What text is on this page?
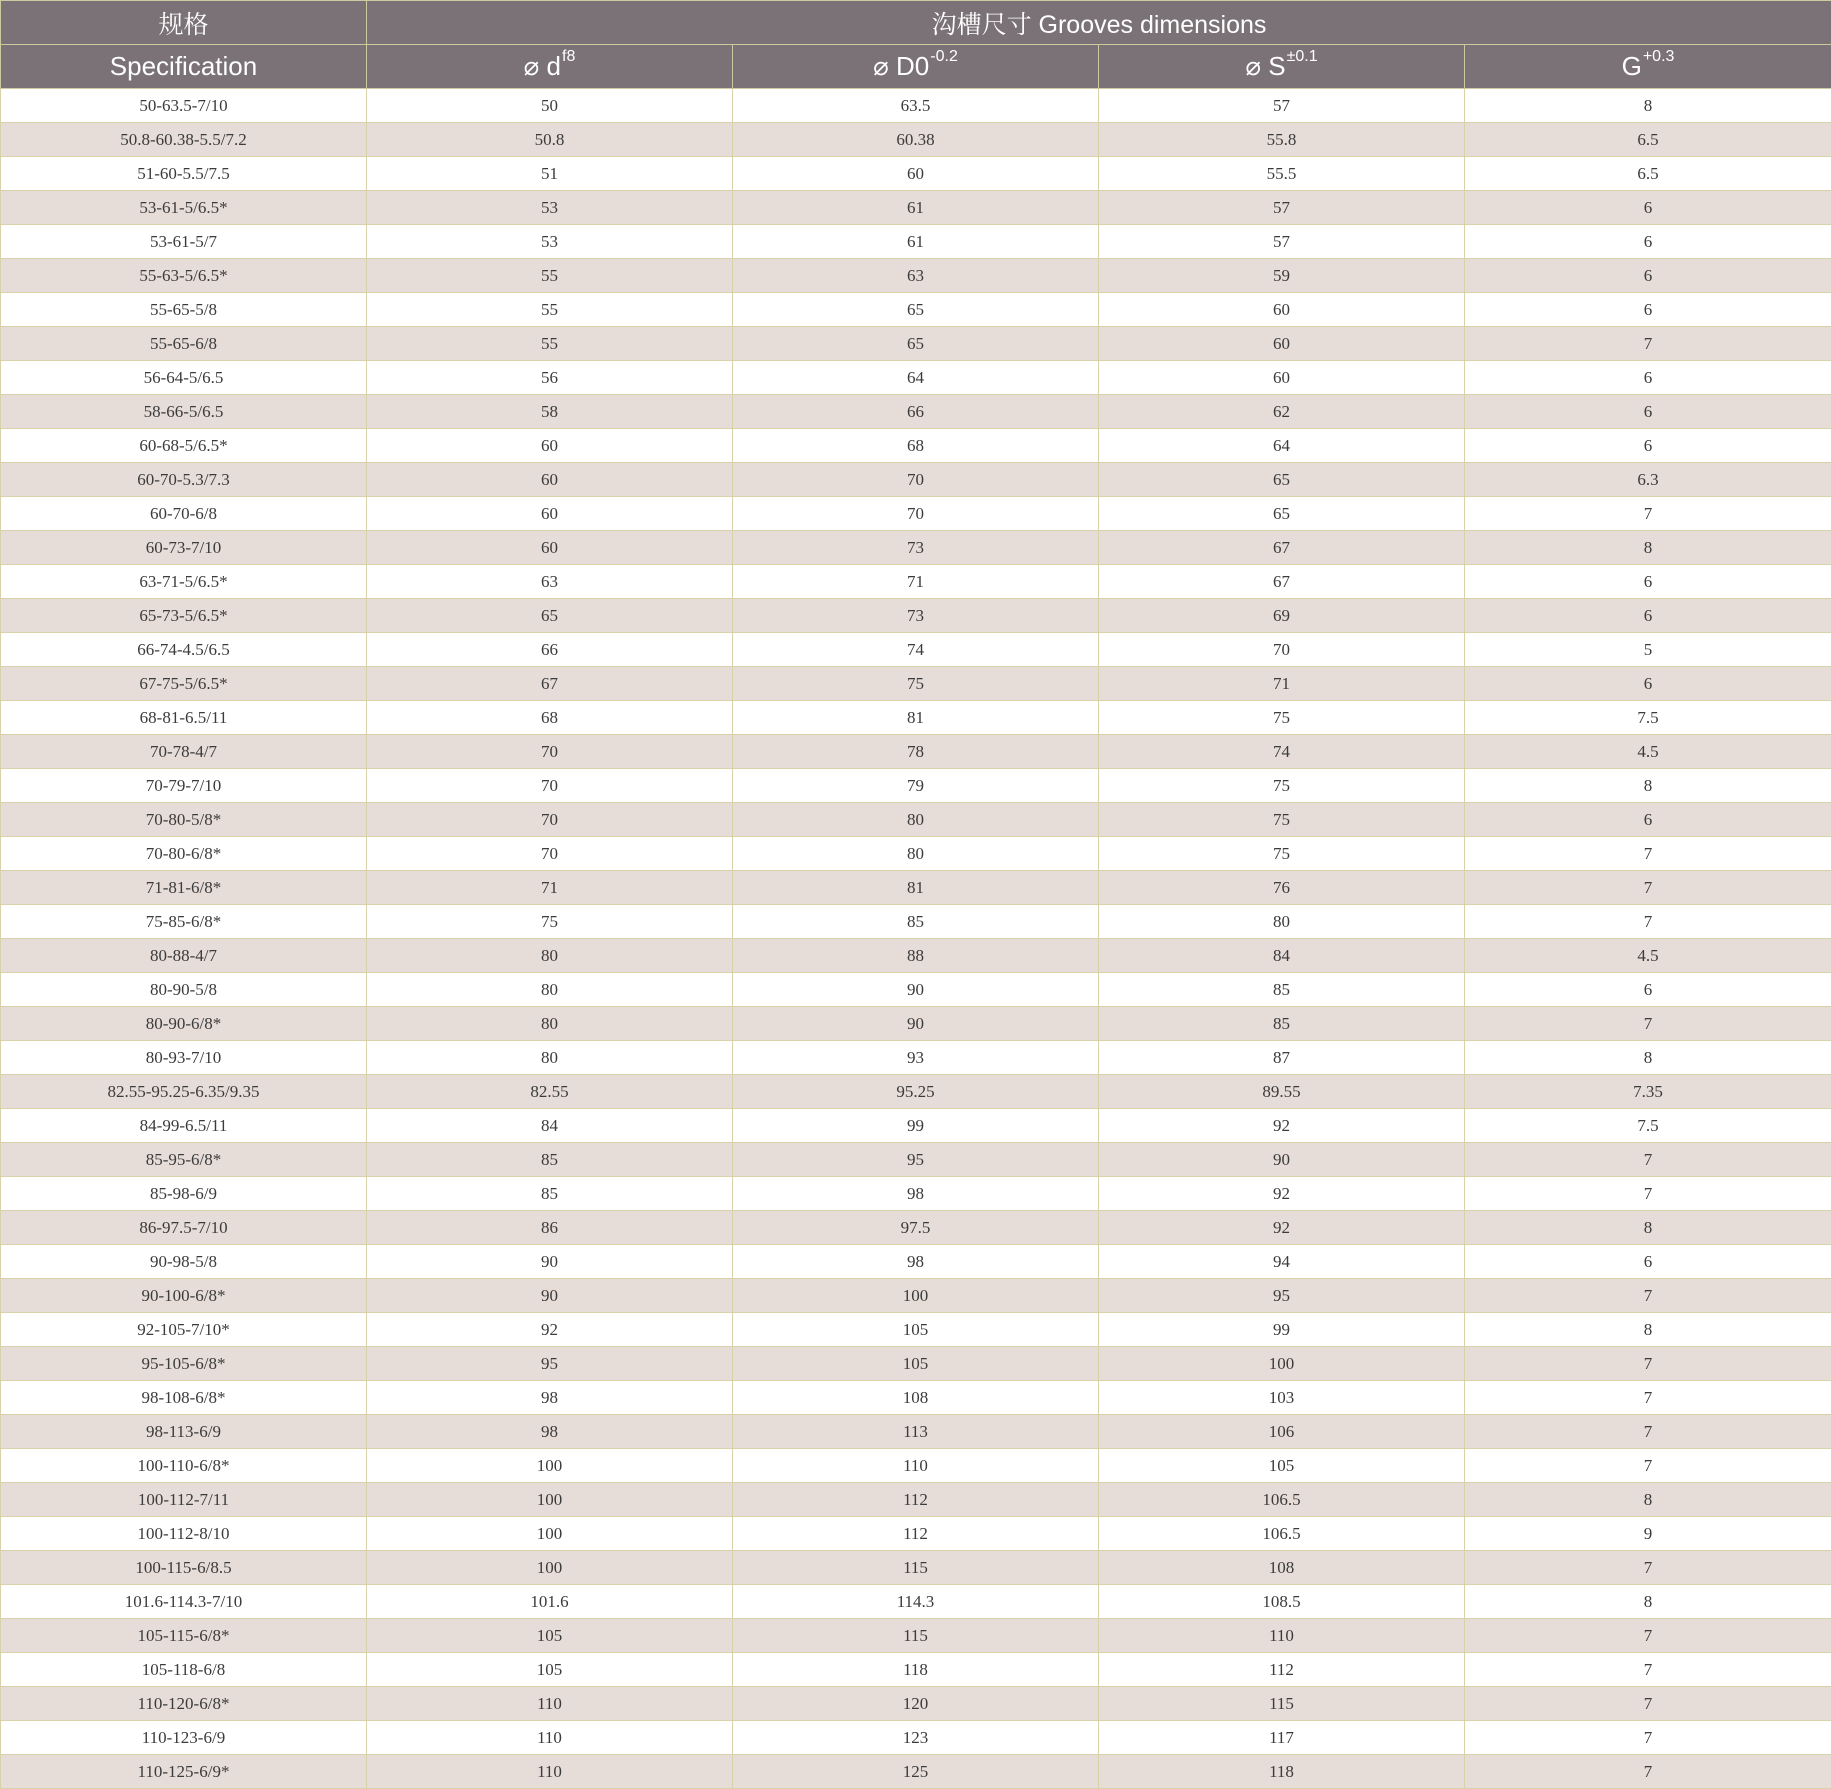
规格	沟槽尺寸 Grooves dimensions			
Specification	⌀ $d^{f8}$	⌀ $D0^{-0.2}$	⌀ $S^{\pm 0.1}$	$G^{+0.3}$
50-63.5-7/10	50	63.5	57	8
50.8-60.38-5.5/7.2	50.8	60.38	55.8	6.5
51-60-5.5/7.5	51	60	55.5	6.5
53-61-5/6.5*	53	61	57	6
53-61-5/7	53	61	57	6
55-63-5/6.5*	55	63	59	6
55-65-5/8	55	65	60	6
55-65-6/8	55	65	60	7
56-64-5/6.5	56	64	60	6
58-66-5/6.5	58	66	62	6
60-68-5/6.5*	60	68	64	6
60-70-5.3/7.3	60	70	65	6.3
60-70-6/8	60	70	65	7
60-73-7/10	60	73	67	8
63-71-5/6.5*	63	71	67	6
65-73-5/6.5*	65	73	69	6
66-74-4.5/6.5	66	74	70	5
67-75-5/6.5*	67	75	71	6
68-81-6.5/11	68	81	75	7.5
70-78-4/7	70	78	74	4.5
70-79-7/10	70	79	75	8
70-80-5/8*	70	80	75	6
70-80-6/8*	70	80	75	7
71-81-6/8*	71	81	76	7
75-85-6/8*	75	85	80	7
80-88-4/7	80	88	84	4.5
80-90-5/8	80	90	85	6
80-90-6/8*	80	90	85	7
80-93-7/10	80	93	87	8
82.55-95.25-6.35/9.35	82.55	95.25	89.55	7.35
84-99-6.5/11	84	99	92	7.5
85-95-6/8*	85	95	90	7
85-98-6/9	85	98	92	7
86-97.5-7/10	86	97.5	92	8
90-98-5/8	90	98	94	6
90-100-6/8*	90	100	95	7
92-105-7/10*	92	105	99	8
95-105-6/8*	95	105	100	7
98-108-6/8*	98	108	103	7
98-113-6/9	98	113	106	7
100-110-6/8*	100	110	105	7
100-112-7/11	100	112	106.5	8
100-112-8/10	100	112	106.5	9
100-115-6/8.5	100	115	108	7
101.6-114.3-7/10	101.6	114.3	108.5	8
105-115-6/8*	105	115	110	7
105-118-6/8	105	118	112	7
110-120-6/8*	110	120	115	7
110-123-6/9	110	123	117	7
110-125-6/9*	110	125	118	7
